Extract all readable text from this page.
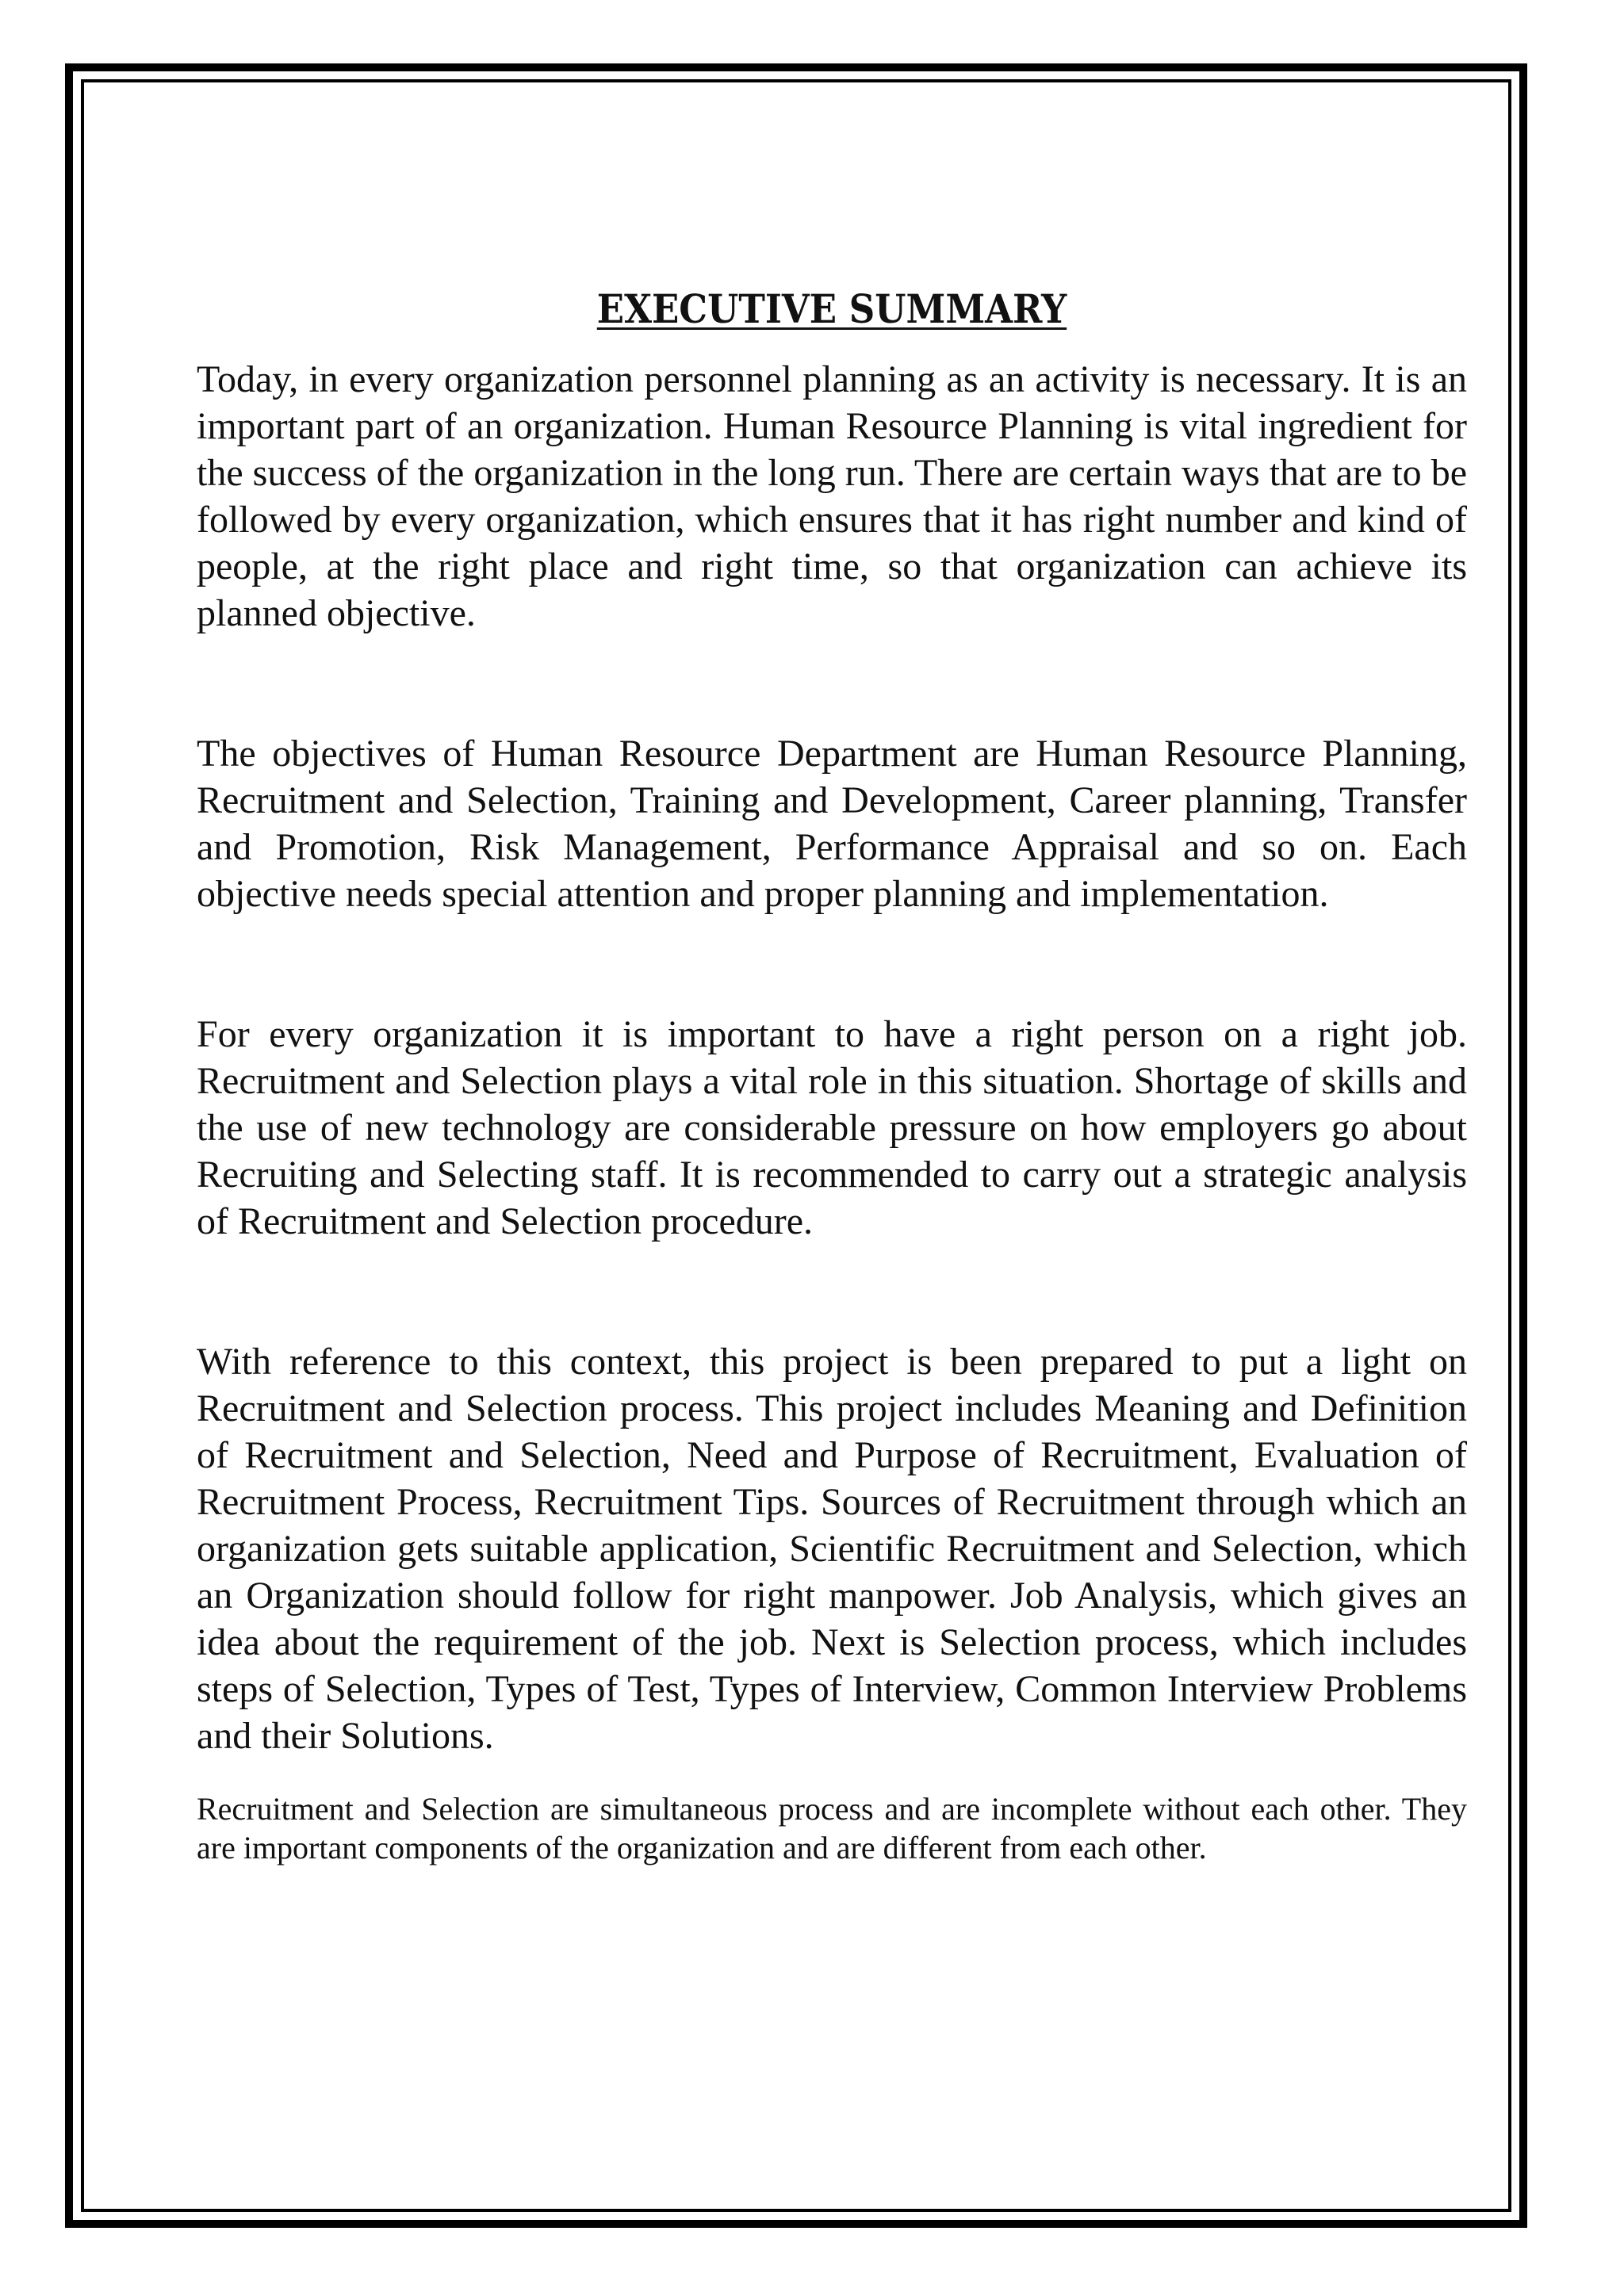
EXECUTIVE SUMMARY

Today, in every organization personnel planning as an activity is necessary. It is an important part of an organization. Human Resource Planning is vital ingredient for the success of the organization in the long run. There are certain ways that are to be followed by every organization, which ensures that it has right number and kind of people, at the right place and right time, so that organization can achieve its planned objective.

The objectives of Human Resource Department are Human Resource Planning, Recruitment and Selection, Training and Development, Career planning, Transfer and Promotion, Risk Management, Performance Appraisal and so on. Each objective needs special attention and proper planning and implementation.

For every organization it is important to have a right person on a right job. Recruitment and Selection plays a vital role in this situation. Shortage of skills and the use of new technology are considerable pressure on how employers go about Recruiting and Selecting staff. It is recommended to carry out a strategic analysis of Recruitment and Selection procedure.

With reference to this context, this project is been prepared to put a light on Recruitment and Selection process. This project includes Meaning and Definition of Recruitment and Selection, Need and Purpose of Recruitment, Evaluation of Recruitment Process, Recruitment Tips. Sources of Recruitment through which an organization gets suitable application, Scientific Recruitment and Selection, which an Organization should follow for right manpower. Job Analysis, which gives an idea about the requirement of the job. Next is Selection process, which includes steps of Selection, Types of Test, Types of Interview, Common Interview Problems and their Solutions.

Recruitment and Selection are simultaneous process and are incomplete without each other. They are important components of the organization and are different from each other.
